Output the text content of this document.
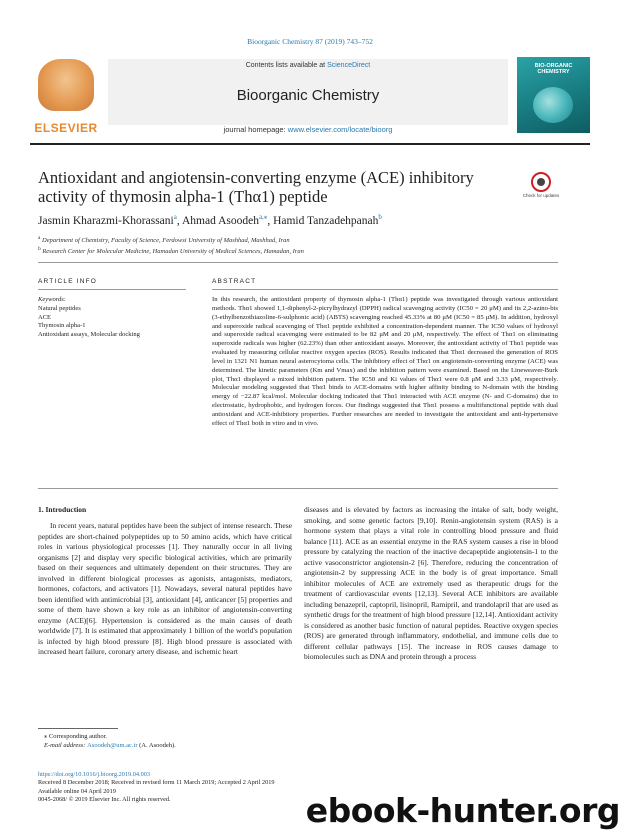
Bioorganic Chemistry 87 (2019) 743–752
ELSEVIER
Contents lists available at ScienceDirect
Bioorganic Chemistry
journal homepage: www.elsevier.com/locate/bioorg
BIO-ORGANIC CHEMISTRY
Antioxidant and angiotensin-converting enzyme (ACE) inhibitory activity of thymosin alpha-1 (Thα1) peptide	Check for updates
Jasmin Kharazmi-Khorassani$^a$, Ahmad Asoodeh$^{a,⁎}$, Hamid Tanzadehpanah$^b$
$^a$ Department of Chemistry, Faculty of Science, Ferdowsi University of Mashhad, Mashhad, Iran
$^b$ Research Center for Molecular Medicine, Hamadan University of Medical Sciences, Hamadan, Iran
ARTICLE INFO	ABSTRACT
Keywords:
Natural peptides
ACE
Thymosin alpha-1
Antioxidant assays, Molecular docking
In this research, the antioxidant property of thymosin alpha-1 (Thα1) peptide was investigated through various antioxidant methods. Thα1 showed 1,1-diphenyl-2-picrylhydrazyl (DPPH) radical scavenging activity (IC50 = 20 μM) and its 2,2-azino-bis (3-ethylbenzothiazoline-6-sulphonic acid) (ABTS) scavenging reached 45.33% at 80 μM (IC50 = 85 μM). In addition, hydroxyl and superoxide radical scavenging of Thα1 peptide exhibited a concentration-dependent manner. The IC50 values of hydroxyl and superoxide radical scavenging were estimated to be 82 μM and 20 μM, respectively. The effect of Thα1 on eliminating superoxide radicals was higher (62.23%) than other antioxidant assays. Moreover, the antioxidant activity of Thα1 peptide was evaluated by measuring cellular reactive oxygen species (ROS). Results indicated that Thα1 decreased the generation of ROS level in 1321 N1 human neural asterocytoma cells. The inhibitory effect of Thα1 on angiotensin-converting enzyme (ACE) was determined. The kinetic parameters (Km and Vmax) and the inhibition pattern were examined. Based on the Lineweaver-Burk plot, Thα1 displayed a mixed inhibition pattern. The IC50 and Ki values of Thα1 were 0.8 μM and 3.33 μM, respectively. Molecular modeling suggested that Thα1 binds to ACE-domains with higher affinity binding to N-domain with the binding energy of −22.87 kcal/mol. Molecular docking indicated that Thα1 interacted with ACE enzyme (N- and C-domains) due to electrostatic, hydrophobic, and hydrogen forces. Our findings suggested that Thα1 possess a multifunctional peptide with dual antioxidant and ACE-inhibitory properties. Further researches are needed to investigate the antioxidant and anti-hypertensive effect of Thα1 both in vitro and in vivo.
1. Introduction
In recent years, natural peptides have been the subject of intense research. These peptides are short-chained polypeptides up to 50 amino acids, which have critical roles in various physiological processes [1]. They naturally occur in all living organisms [2] and display very specific biological activities, which are primarily based on their sequences and ultimately dependent on their structures. They are involved in different biological processes as agonists, antagonists, mediators, hormones, cofactors, and activators [1]. Nowadays, several natural peptides have been identified with antimicrobial [3], antioxidant [4], anticancer [5] properties and some of them have shown a key role as an inhibitor of angiotensin-converting enzyme (ACE)[6]. Hypertension is considered as the main causes of death worldwide [7]. It is estimated that approximately 1 billion of the world's population is infected by high blood pressure [8]. High blood pressure is associated with increased heart failure, coronary artery disease, and ischemic heart
diseases and is elevated by factors as increasing the intake of salt, body weight, smoking, and some genetic factors [9,10]. Renin-angiotensin system (RAS) is a hormone system that plays a vital role in controlling blood pressure and fluid balance [11]. ACE as an essential enzyme in the RAS system causes a rise in blood pressure by catalyzing the reaction of the inactive decapeptide angiotensin-1 to the active vasoconstrictor angiotensin-2 [6]. Therefore, reducing the concentration of angiotensin-2 by suppressing ACE in the body is of great importance. Small inhibitor molecules of ACE are extremely used as therapeutic drugs for the treatment of cardiovascular events [12,13]. Several ACE inhibitors are available including benazepril, captopril, lisinopril, Ramipril, and trandolapril that are used as synthetic drugs for the treatment of high blood pressure [12,14]. Antioxidant activity is considered as another basic function of natural peptides. Reactive oxygen species (ROS) are generated through inflammatory, endothelial, and immune cells due to different cellular pathways [15]. The increase in ROS causes damage to biomolecules such as DNA and protein through a process
⁎ Corresponding author.
E-mail address: Asoodeh@um.ac.ir (A. Asoodeh).
https://doi.org/10.1016/j.bioorg.2019.04.003
Received 8 December 2018; Received in revised form 11 March 2019; Accepted 2 April 2019
Available online 04 April 2019
0045-2068/ © 2019 Elsevier Inc. All rights reserved.	ebook-hunter.org
